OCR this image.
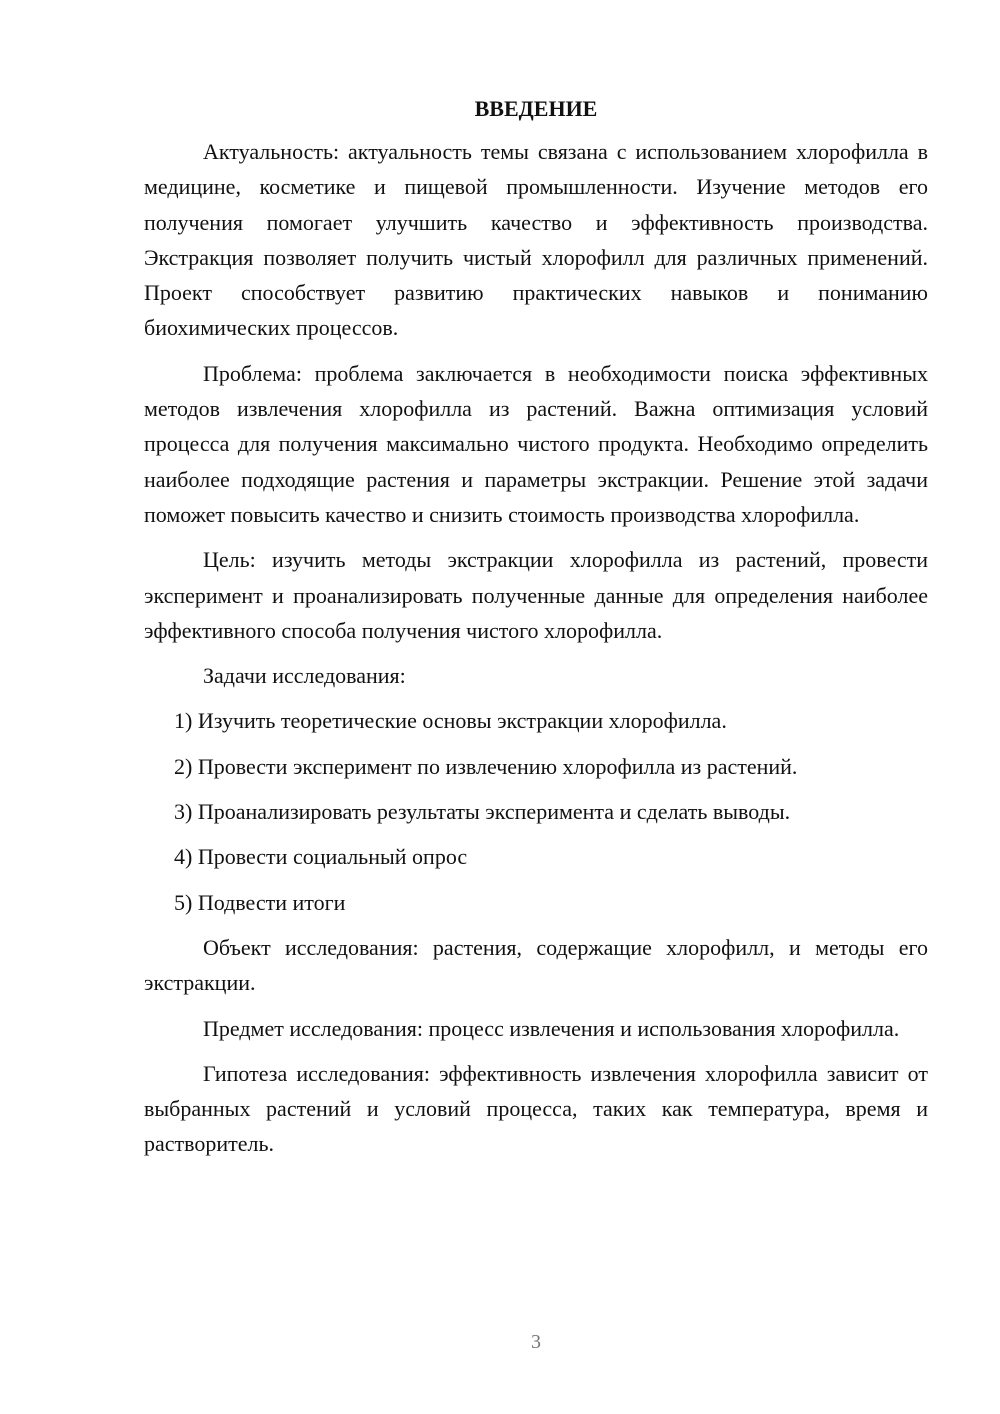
ВВЕДЕНИЕ

Актуальность: актуальность темы связана с использованием хлорофилла в медицине, косметике и пищевой промышленности. Изучение методов его получения помогает улучшить качество и эффективность производства. Экстракция позволяет получить чистый хлорофилл для различных применений. Проект способствует развитию практических навыков и пониманию биохимических процессов.

Проблема: проблема заключается в необходимости поиска эффективных методов извлечения хлорофилла из растений. Важна оптимизация условий процесса для получения максимально чистого продукта. Необходимо определить наиболее подходящие растения и параметры экстракции. Решение этой задачи поможет повысить качество и снизить стоимость производства хлорофилла.

Цель: изучить методы экстракции хлорофилла из растений, провести эксперимент и проанализировать полученные данные для определения наиболее эффективного способа получения чистого хлорофилла.

Задачи исследования:

1) Изучить теоретические основы экстракции хлорофилла.

2) Провести эксперимент по извлечению хлорофилла из растений.

3) Проанализировать результаты эксперимента и сделать выводы.

4) Провести социальный опрос

5) Подвести итоги

Объект исследования: растения, содержащие хлорофилл, и методы его экстракции.

Предмет исследования: процесс извлечения и использования хлорофилла.

Гипотеза исследования: эффективность извлечения хлорофилла зависит от выбранных растений и условий процесса, таких как температура, время и растворитель.

3
